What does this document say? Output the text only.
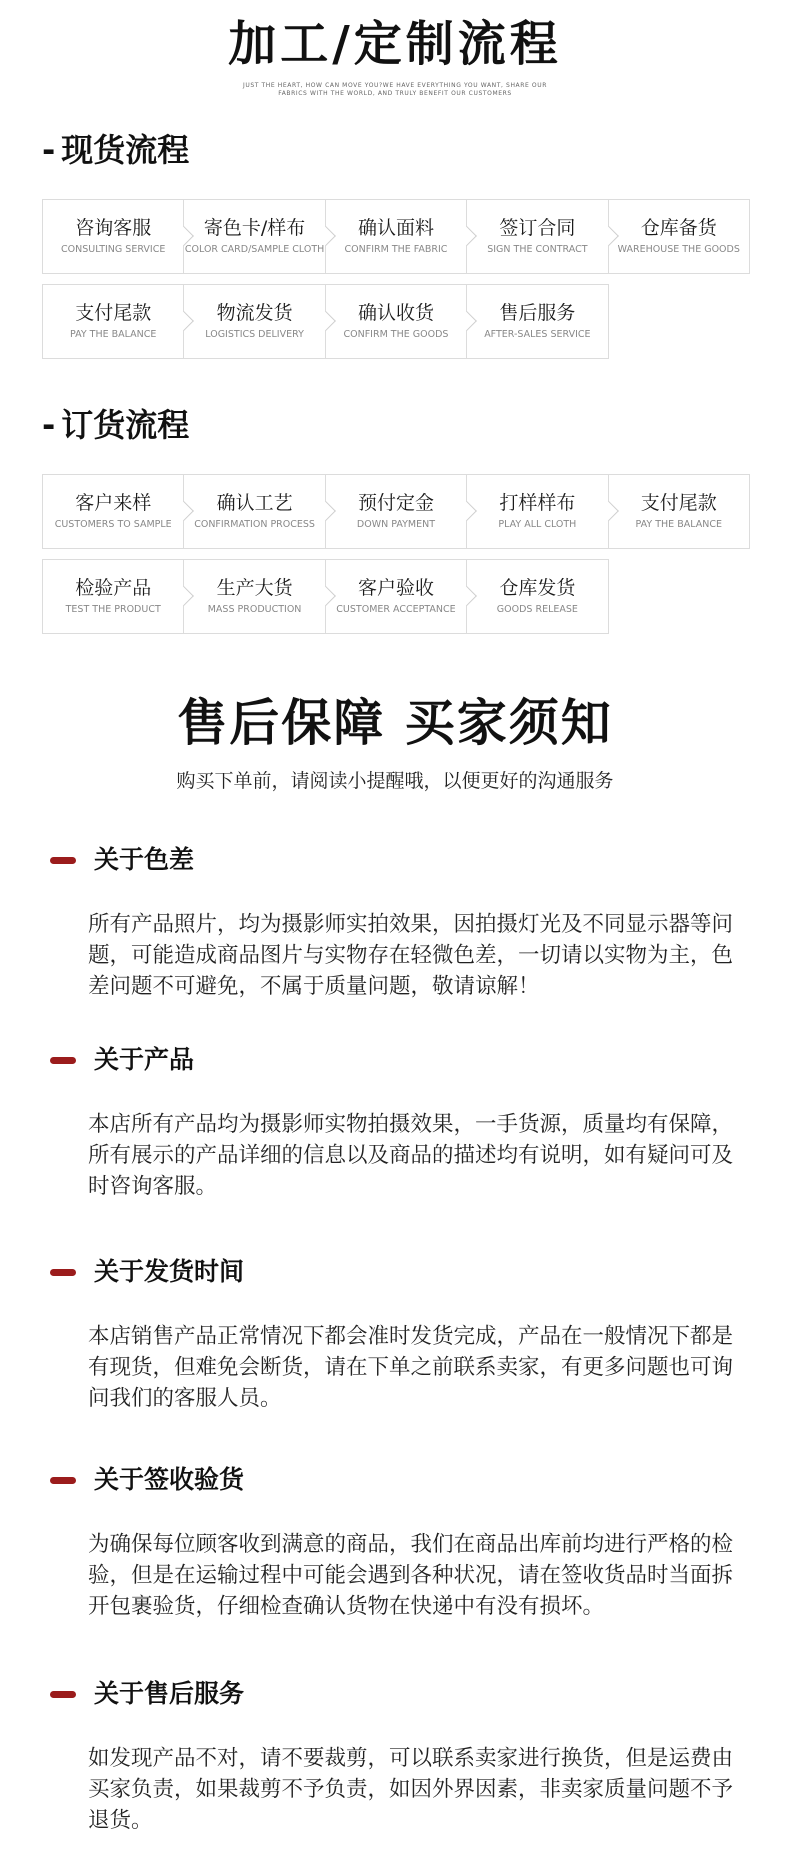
加工/定制流程
JUST THE HEART, HOW CAN MOVE YOU?WE HAVE EVERYTHING YOU WANT, SHARE OUR
FABRICS WITH THE WORLD, AND TRULY BENEFIT OUR CUSTOMERS
- 现货流程
咨询客服
CONSULTING SERVICE
寄色卡/样布
COLOR CARD/SAMPLE CLOTH
确认面料
CONFIRM THE FABRIC
签订合同
SIGN THE CONTRACT
仓库备货
WAREHOUSE THE GOODS
支付尾款
PAY THE BALANCE
物流发货
LOGISTICS DELIVERY
确认收货
CONFIRM THE GOODS
售后服务
AFTER-SALES SERVICE
- 订货流程
客户来样
CUSTOMERS TO SAMPLE
确认工艺
CONFIRMATION PROCESS
预付定金
DOWN PAYMENT
打样样布
PLAY ALL CLOTH
支付尾款
PAY THE BALANCE
检验产品
TEST THE PRODUCT
生产大货
MASS PRODUCTION
客户验收
CUSTOMER ACCEPTANCE
仓库发货
GOODS RELEASE
售后保障 买家须知
购买下单前，请阅读小提醒哦，以便更好的沟通服务
关于色差
所有产品照片，均为摄影师实拍效果，因拍摄灯光及不同显示器等问题，可能造成商品图片与实物存在轻微色差，一切请以实物为主，色差问题不可避免，不属于质量问题，敬请谅解！
关于产品
本店所有产品均为摄影师实物拍摄效果，一手货源，质量均有保障，所有展示的产品详细的信息以及商品的描述均有说明，如有疑问可及时咨询客服。
关于发货时间
本店销售产品正常情况下都会准时发货完成，产品在一般情况下都是有现货，但难免会断货，请在下单之前联系卖家，有更多问题也可询问我们的客服人员。
关于签收验货
为确保每位顾客收到满意的商品，我们在商品出库前均进行严格的检验，但是在运输过程中可能会遇到各种状况，请在签收货品时当面拆开包裹验货，仔细检查确认货物在快递中有没有损坏。
关于售后服务
如发现产品不对，请不要裁剪，可以联系卖家进行换货，但是运费由买家负责，如果裁剪不予负责，如因外界因素，非卖家质量问题不予退货。
